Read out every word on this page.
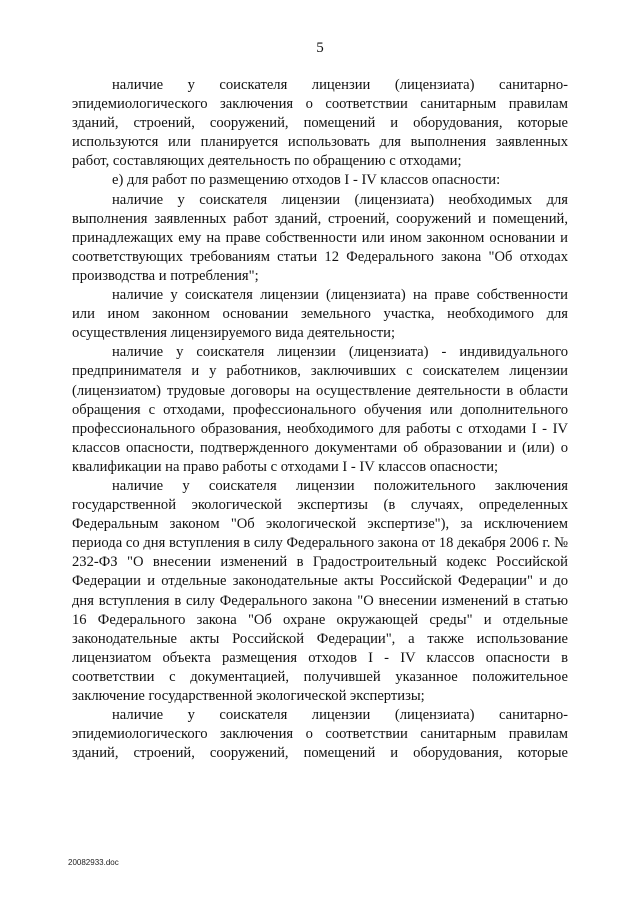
5

наличие у соискателя лицензии (лицензиата) санитарно-эпидемиологического заключения о соответствии санитарным правилам зданий, строений, сооружений, помещений и оборудования, которые используются или планируется использовать для выполнения заявленных работ, составляющих деятельность по обращению с отходами;

е) для работ по размещению отходов I - IV классов опасности:

наличие у соискателя лицензии (лицензиата) необходимых для выполнения заявленных работ зданий, строений, сооружений и помещений, принадлежащих ему на праве собственности или ином законном основании и соответствующих требованиям статьи 12 Федерального закона "Об отходах производства и потребления";

наличие у соискателя лицензии (лицензиата) на праве собственности или ином законном основании земельного участка, необходимого для осуществления лицензируемого вида деятельности;

наличие у соискателя лицензии (лицензиата) - индивидуального предпринимателя и у работников, заключивших с соискателем лицензии (лицензиатом) трудовые договоры на осуществление деятельности в области обращения с отходами, профессионального обучения или дополнительного профессионального образования, необходимого для работы с отходами I - IV классов опасности, подтвержденного документами об образовании и (или) о квалификации на право работы с отходами I - IV классов опасности;

наличие у соискателя лицензии положительного заключения государственной экологической экспертизы (в случаях, определенных Федеральным законом "Об экологической экспертизе"), за исключением периода со дня вступления в силу Федерального закона от 18 декабря 2006 г. № 232-ФЗ "О внесении изменений в Градостроительный кодекс Российской Федерации и отдельные законодательные акты Российской Федерации" и до дня вступления в силу Федерального закона "О внесении изменений в статью 16 Федерального закона "Об охране окружающей среды" и отдельные законодательные акты Российской Федерации", а также использование лицензиатом объекта размещения отходов I - IV классов опасности в соответствии с документацией, получившей указанное положительное заключение государственной экологической экспертизы;

наличие у соискателя лицензии (лицензиата) санитарно-эпидемиологического заключения о соответствии санитарным правилам зданий, строений, сооружений, помещений и оборудования, которые

20082933.doc
